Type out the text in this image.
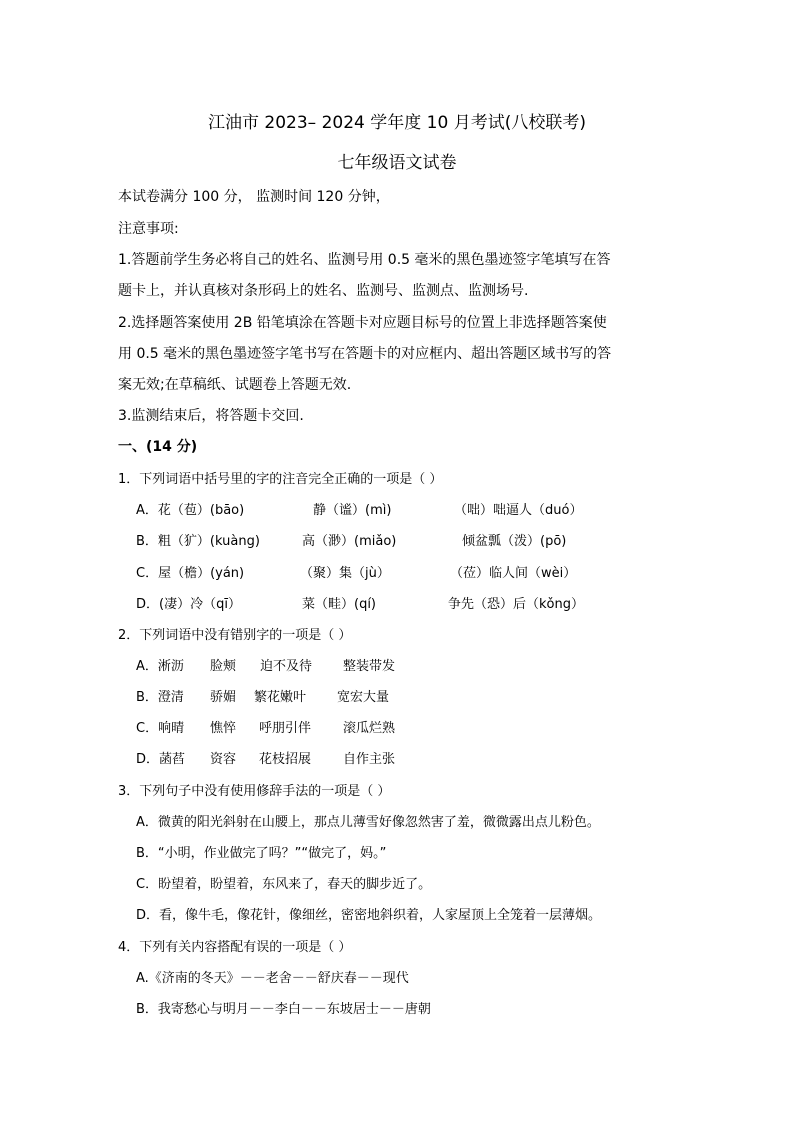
江油市 2023– 2024 学年度 10 月考试(八校联考)
七年级语文试卷
本试卷满分 100 分， 监测时间 120 分钟，
注意事项:
1.答题前学生务必将自己的姓名、监测号用 0.5 毫米的黑色墨迹签字笔填写在答
题卡上，并认真核对条形码上的姓名、监测号、监测点、监测场号.
2.选择题答案使用 2B 铅笔填涂在答题卡对应题目标号的位置上非选择题答案使
用 0.5 毫米的黑色墨迹签字笔书写在答题卡的对应框内、超出答题区域书写的答
案无效;在草稿纸、试题卷上答题无效.
3.监测结束后，将答题卡交回.
一、(14 分)
1．下列词语中括号里的字的注音完全正确的一项是（ ）
A．花（苞）(bāo)	静（谧）(mì)	（咄）咄逼人（duó）
B．粗（犷）(kuàng)	高（渺）(miǎo)	倾盆瓢（泼）(pō)
C．屋（檐）(yán)	（聚）集（jù）	（莅）临人间（wèi）
D．(凄）冷（qī）	菜（畦）(qí)	争先（恐）后（kǒng）
2．下列词语中没有错别字的一项是（ ）
A．淅沥 脸颊 迫不及待 整装带发
B．澄清 骄媚 繁花嫩叶 宽宏大量
C．响晴 憔悴 呼朋引伴 滚瓜烂熟
D．菡萏 资容 花枝招展 自作主张
3．下列句子中没有使用修辞手法的一项是（ ）
A．微黄的阳光斜射在山腰上，那点儿薄雪好像忽然害了羞，微微露出点儿粉色。
B．“小明，作业做完了吗？”“做完了，妈。”
C．盼望着，盼望着，东风来了，春天的脚步近了。
D．看，像牛毛，像花针，像细丝，密密地斜织着，人家屋顶上全笼着一层薄烟。
4．下列有关内容搭配有误的一项是（ ）
A.《济南的冬天》－－老舍－－舒庆春－－现代
B．我寄愁心与明月－－李白－－东坡居士－－唐朝
